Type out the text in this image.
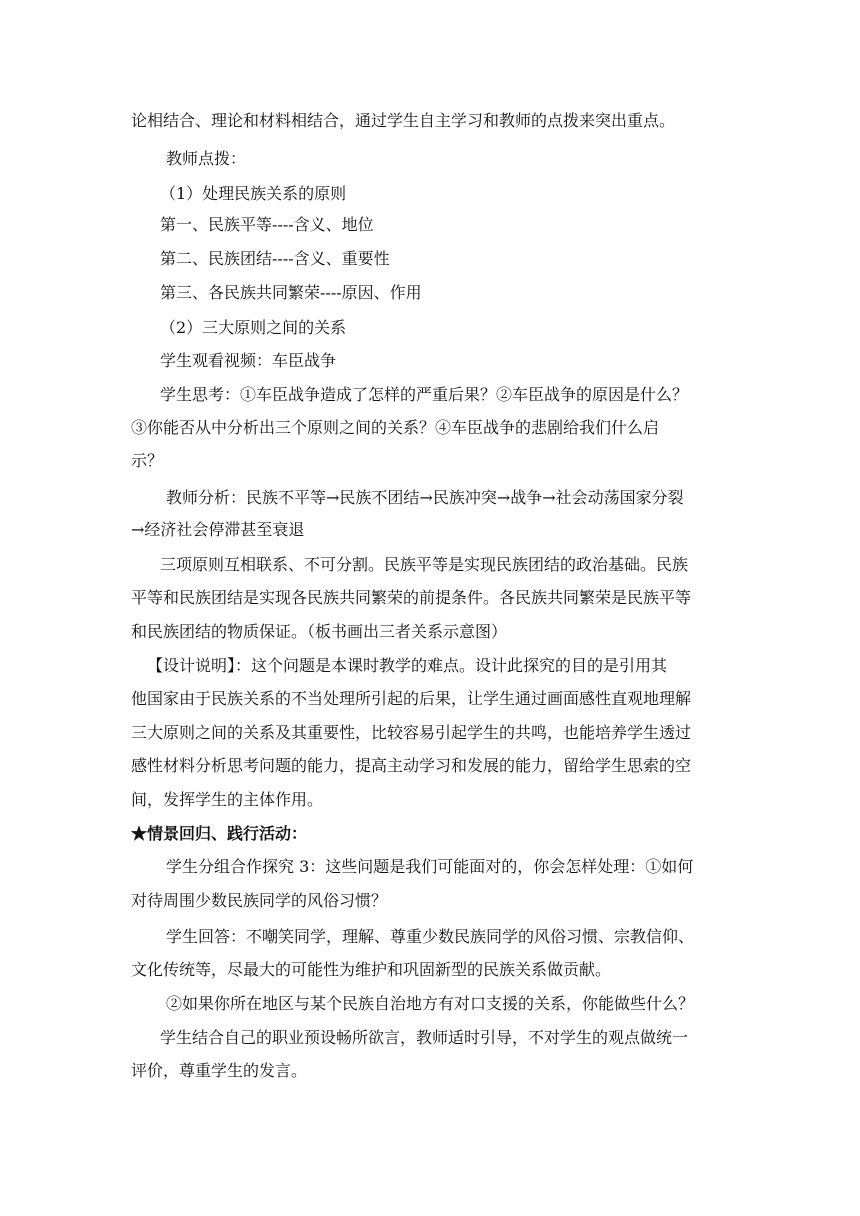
论相结合、理论和材料相结合，通过学生自主学习和教师的点拨来突出重点。
教师点拨：
（1）处理民族关系的原则
第一、民族平等----含义、地位
第二、民族团结----含义、重要性
第三、各民族共同繁荣----原因、作用
（2）三大原则之间的关系
学生观看视频：车臣战争
学生思考：①车臣战争造成了怎样的严重后果？②车臣战争的原因是什么？
③你能否从中分析出三个原则之间的关系？④车臣战争的悲剧给我们什么启
示？
教师分析：民族不平等→民族不团结→民族冲突→战争→社会动荡国家分裂
→经济社会停滞甚至衰退
三项原则互相联系、不可分割。民族平等是实现民族团结的政治基础。民族
平等和民族团结是实现各民族共同繁荣的前提条件。各民族共同繁荣是民族平等
和民族团结的物质保证。（板书画出三者关系示意图）
【设计说明】：这个问题是本课时教学的难点。设计此探究的目的是引用其
他国家由于民族关系的不当处理所引起的后果，让学生通过画面感性直观地理解
三大原则之间的关系及其重要性，比较容易引起学生的共鸣，也能培养学生透过
感性材料分析思考问题的能力，提高主动学习和发展的能力，留给学生思索的空
间，发挥学生的主体作用。
★情景回归、践行活动：
学生分组合作探究 3：这些问题是我们可能面对的，你会怎样处理：①如何
对待周围少数民族同学的风俗习惯？
学生回答：不嘲笑同学，理解、尊重少数民族同学的风俗习惯、宗教信仰、
文化传统等，尽最大的可能性为维护和巩固新型的民族关系做贡献。
②如果你所在地区与某个民族自治地方有对口支援的关系，你能做些什么？
学生结合自己的职业预设畅所欲言，教师适时引导，不对学生的观点做统一
评价，尊重学生的发言。
